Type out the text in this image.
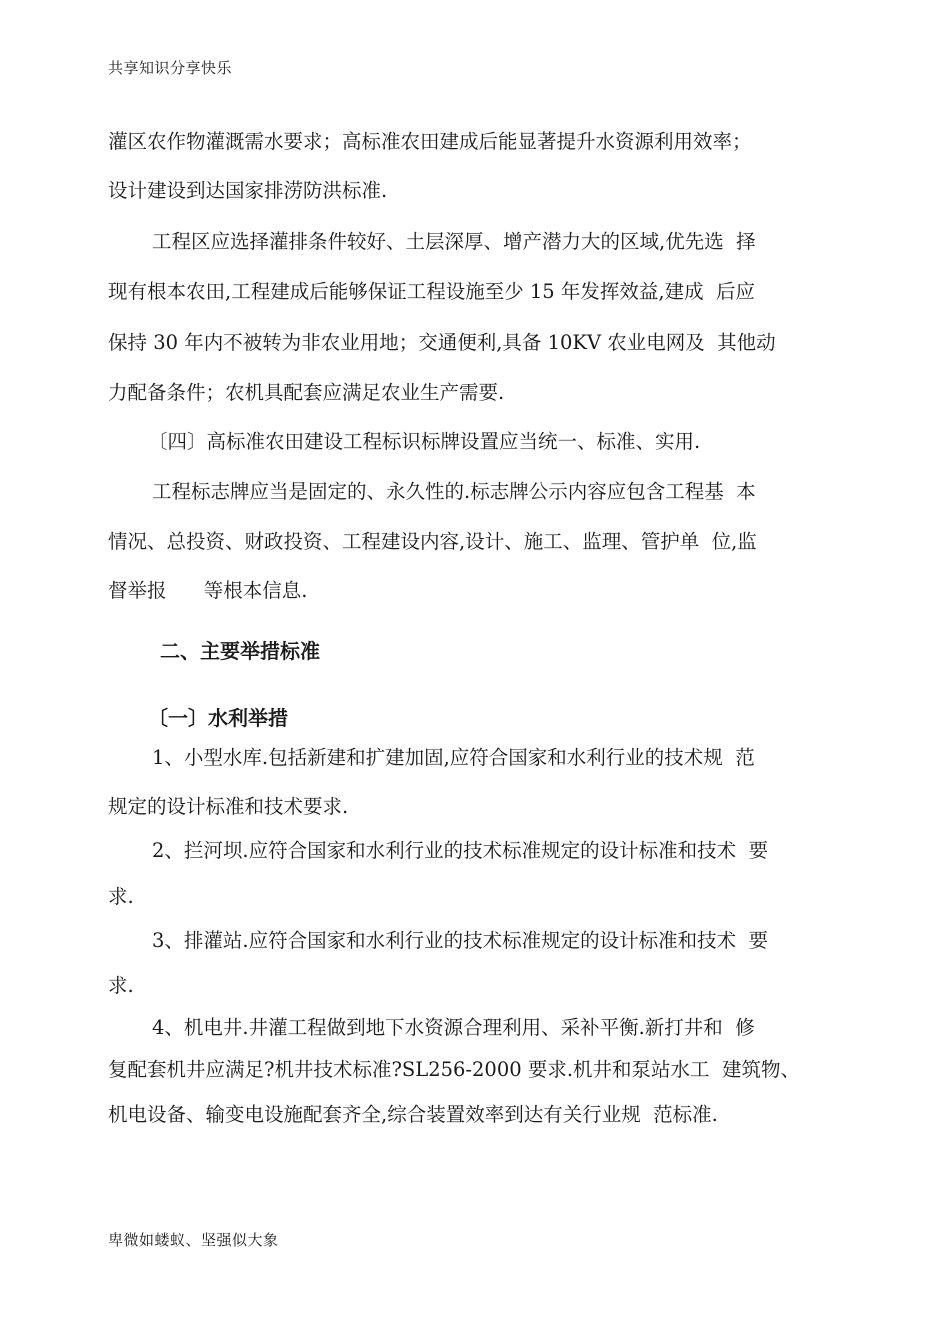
共享知识分享快乐
灌区农作物灌溉需水要求；高标准农田建成后能显著提升水资源利用效率；
设计建设到达国家排涝防洪标准.
工程区应选择灌排条件较好、土层深厚、增产潜力大的区域,优先选  择
现有根本农田,工程建成后能够保证工程设施至少 15 年发挥效益,建成  后应
保持 30 年内不被转为非农业用地；交通便利,具备 10KV 农业电网及  其他动
力配备条件；农机具配套应满足农业生产需要.
〔四〕高标准农田建设工程标识标牌设置应当统一、标准、实用.
工程标志牌应当是固定的、永久性的.标志牌公示内容应包含工程基  本
情况、总投资、财政投资、工程建设内容,设计、施工、监理、管护单  位,监
督举报      等根本信息.
二、主要举措标准
〔一〕水利举措
1、小型水库.包括新建和扩建加固,应符合国家和水利行业的技术规  范
规定的设计标准和技术要求.
2、拦河坝.应符合国家和水利行业的技术标准规定的设计标准和技术  要
求.
3、排灌站.应符合国家和水利行业的技术标准规定的设计标准和技术  要
求.
4、机电井.井灌工程做到地下水资源合理利用、采补平衡.新打井和  修
复配套机井应满足?机井技术标准?SL256-2000 要求.机井和泵站水工  建筑物、
机电设备、输变电设施配套齐全,综合装置效率到达有关行业规  范标准.
卑微如蝼蚁、坚强似大象
